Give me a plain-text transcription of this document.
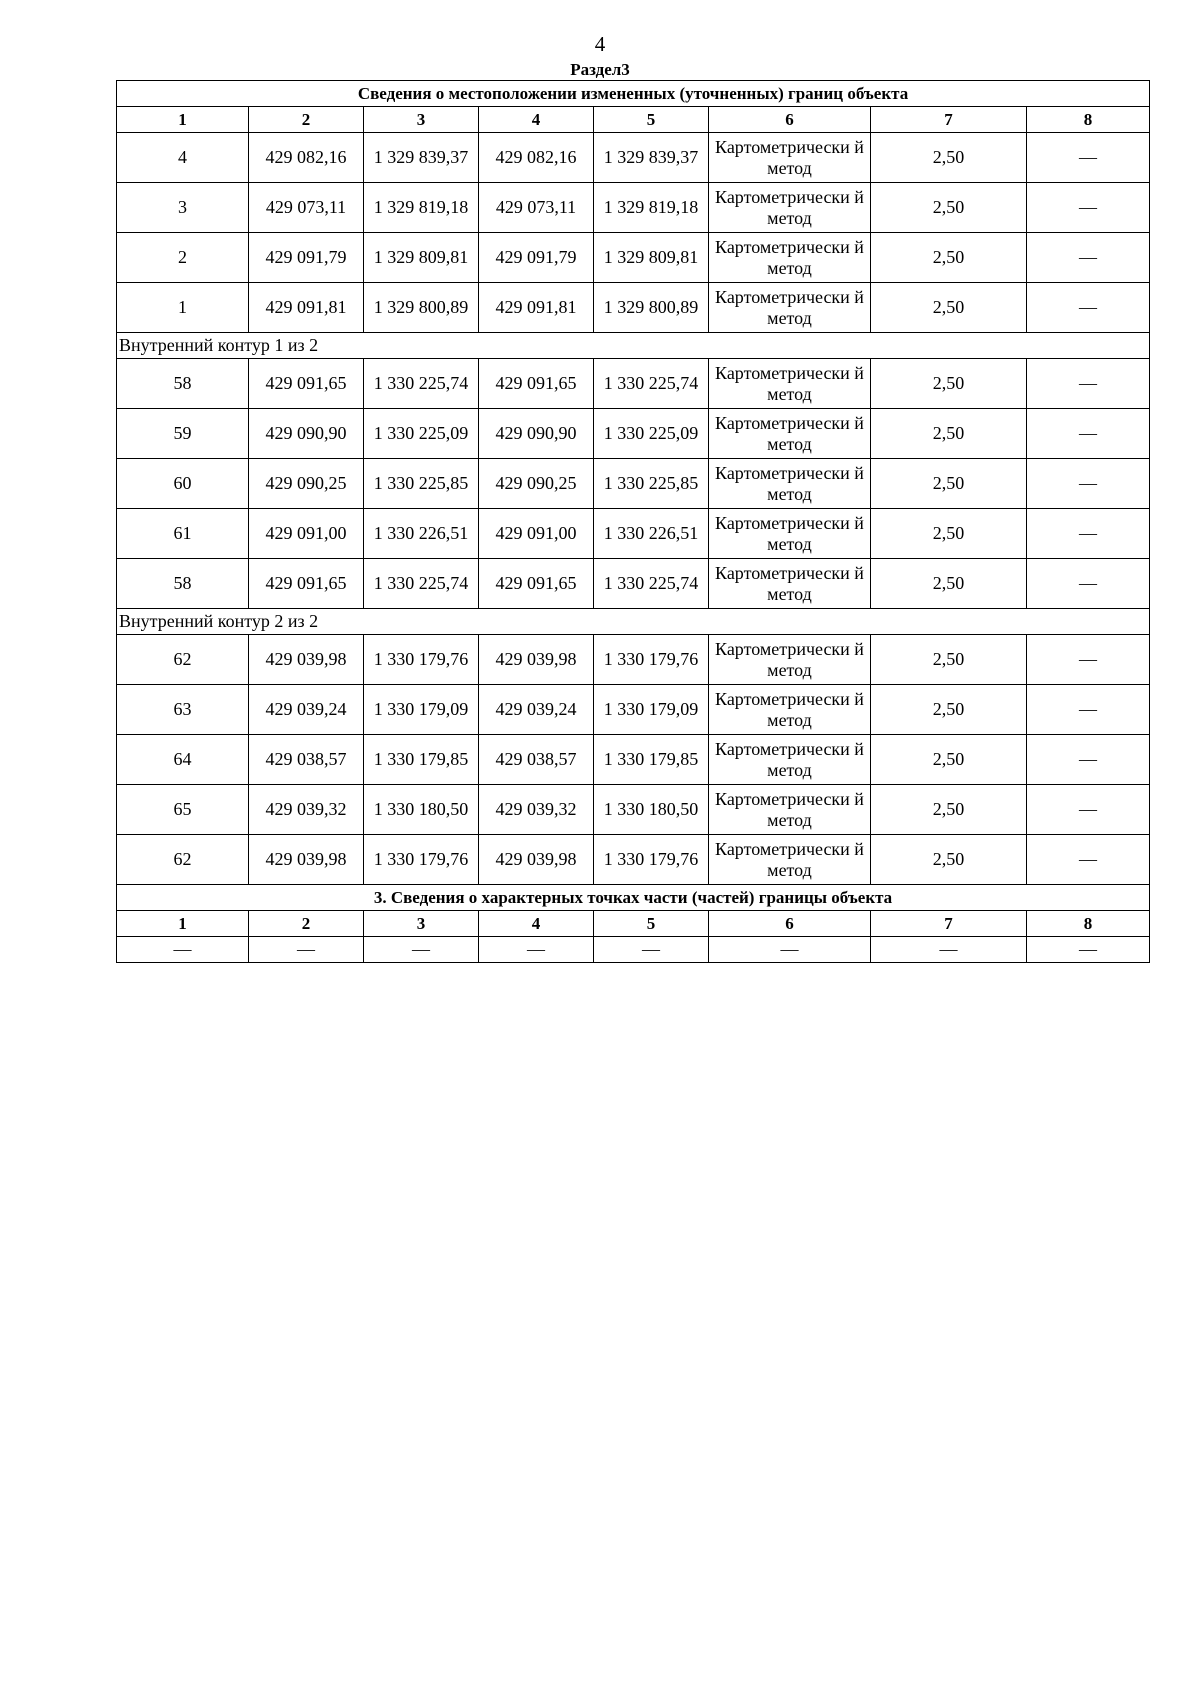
4
Раздел3
Сведения о местоположении измененных (уточненных) границ объекта							
1	2	3	4	5	6	7	8
4	429 082,16	1 329 839,37	429 082,16	1 329 839,37	Картометрически й метод	2,50	—
3	429 073,11	1 329 819,18	429 073,11	1 329 819,18	Картометрически й метод	2,50	—
2	429 091,79	1 329 809,81	429 091,79	1 329 809,81	Картометрически й метод	2,50	—
1	429 091,81	1 329 800,89	429 091,81	1 329 800,89	Картометрически й метод	2,50	—
Внутренний контур 1 из 2							
58	429 091,65	1 330 225,74	429 091,65	1 330 225,74	Картометрически й метод	2,50	—
59	429 090,90	1 330 225,09	429 090,90	1 330 225,09	Картометрически й метод	2,50	—
60	429 090,25	1 330 225,85	429 090,25	1 330 225,85	Картометрически й метод	2,50	—
61	429 091,00	1 330 226,51	429 091,00	1 330 226,51	Картометрически й метод	2,50	—
58	429 091,65	1 330 225,74	429 091,65	1 330 225,74	Картометрически й метод	2,50	—
Внутренний контур 2 из 2							
62	429 039,98	1 330 179,76	429 039,98	1 330 179,76	Картометрически й метод	2,50	—
63	429 039,24	1 330 179,09	429 039,24	1 330 179,09	Картометрически й метод	2,50	—
64	429 038,57	1 330 179,85	429 038,57	1 330 179,85	Картометрически й метод	2,50	—
65	429 039,32	1 330 180,50	429 039,32	1 330 180,50	Картометрически й метод	2,50	—
62	429 039,98	1 330 179,76	429 039,98	1 330 179,76	Картометрически й метод	2,50	—
3. Сведения о характерных точках части (частей) границы объекта							
1	2	3	4	5	6	7	8
—	—	—	—	—	—	—	—
